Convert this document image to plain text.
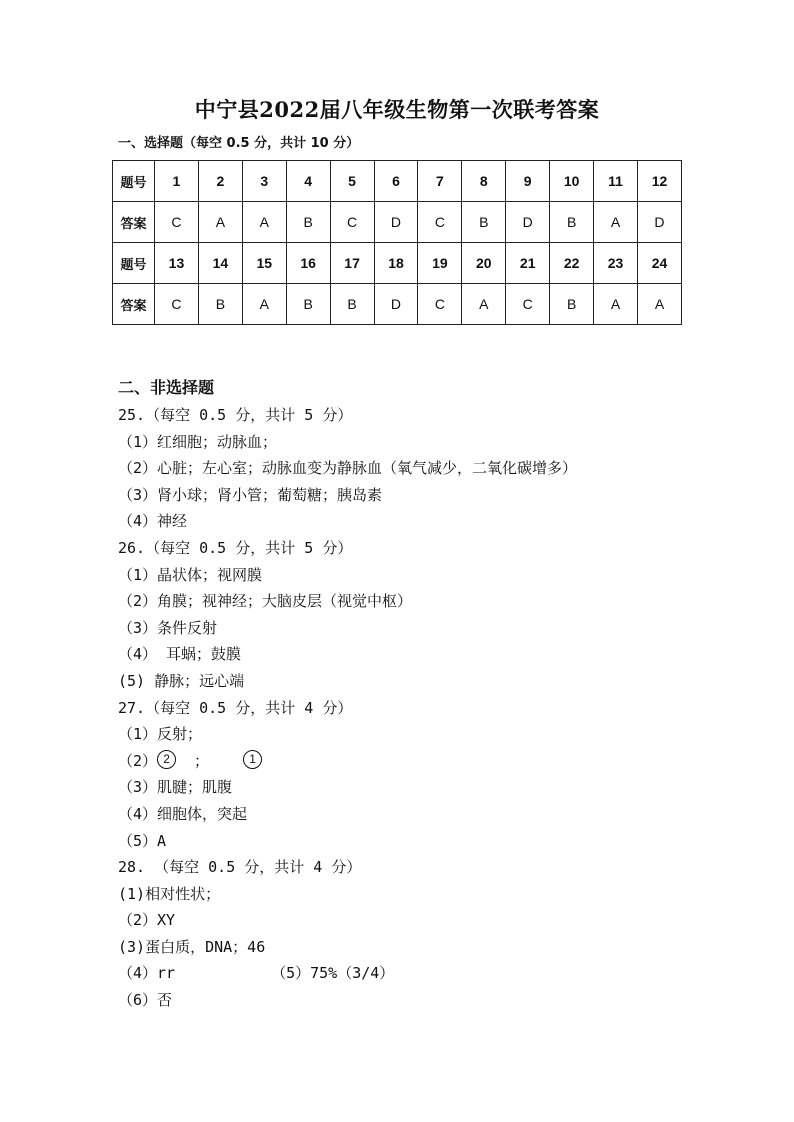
中宁县2022届八年级生物第一次联考答案
一、选择题（每空 0.5 分，共计 10 分）
题号	1	2	3	4	5	6	7	8	9	10	11	12
答案	C	A	A	B	C	D	C	B	D	B	A	D
题号	13	14	15	16	17	18	19	20	21	22	23	24
答案	C	B	A	B	B	D	C	A	C	B	A	A
二、非选择题
25.（每空 0.5 分，共计 5 分）
（1）红细胞；动脉血；
（2）心脏；左心室；动脉血变为静脉血（氧气减少，二氧化碳增多）
（3）肾小球；肾小管；葡萄糖；胰岛素
（4）神经
26.（每空 0.5 分，共计 5 分）
（1）晶状体；视网膜
（2）角膜；视神经；大脑皮层（视觉中枢）
（3）条件反射
（4） 耳蜗；鼓膜
(5) 静脉；远心端
27.（每空 0.5 分，共计 4 分）
（1）反射；
（2） 2 ；	1
（3）肌腱；肌腹
（4）细胞体，突起
（5）A
28. （每空 0.5 分，共计 4 分）
(1)相对性状；
（2）XY
(3)蛋白质，DNA；46
（4）rr	（5）75%（3/4）
（6）否
